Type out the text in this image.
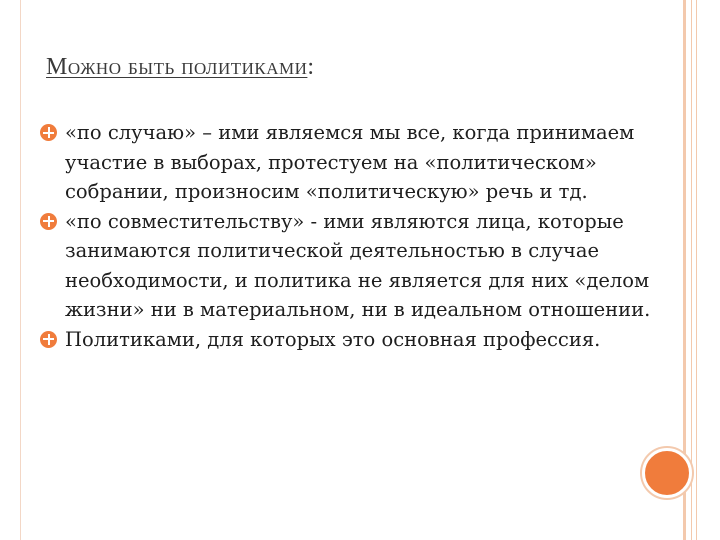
Можно быть политиками:
«по случаю» – ими являемся мы все, когда принимаем участие в выборах, протестуем на «политическом» собрании, произносим «политическую» речь и тд.
«по совместительству» - ими являются лица, которые занимаются политической деятельностью в случае необходимости, и политика не является для них «делом жизни» ни в материальном, ни в идеальном отношении.
Политиками, для которых это основная профессия.
